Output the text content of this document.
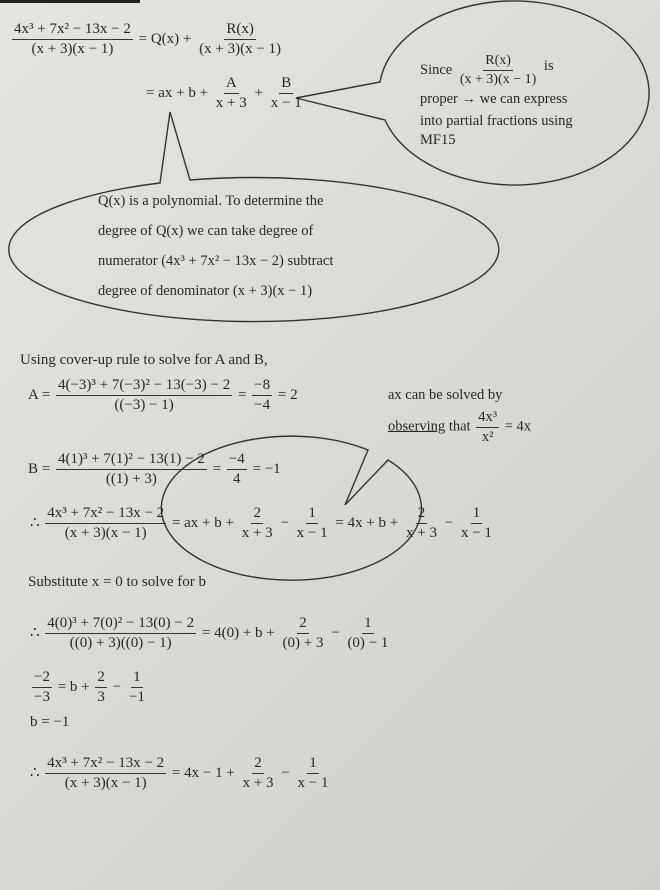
$\frac{\text{4x³ + 7x² − 13x − 2}}{(x + 3)(x - 1)} = Q(x) + \frac{R(x)}{(x + 3)(x - 1)}$
= ax + $b + \frac{A}{x + 3} + \frac{B}{x - 1}$
Since $\frac{R(x)}{(x + 3)(x - 1)}$ is
proper → we can express
into partial fractions using
MF15
Q(x) is a polynomial. To determine the
degree of Q(x) we can take degree of
numerator (4x³ + 7x² − 13x − 2) subtract
degree of denominator (x + 3)(x − 1)
Using cover-up rule to solve for A and B,
$A = \frac{\text{4(−3)³ + 7(−3)² − 13(−3) − 2}}{((-3) - 1)} = \frac{-8}{-4} = 2$
$B = \frac{\text{4(1)³ + 7(1)² − 13(1) − 2}}{((1) + 3)} = \frac{-4}{4} = -1$
ax can be solved by
observing that $\frac{\text{4x³}}{\text{x²}} = 4x$
∴ $\frac{\text{4x³ + 7x² − 13x − 2}}{(x + 3)(x - 1)}$ = ax + $b + \frac{2}{x + 3} - \frac{1}{x - 1} = 4x + b + \frac{2}{x + 3} - \frac{1}{x - 1}$
Substitute x = 0 to solve for b
∴ $\frac{\text{4(0)³ + 7(0)² − 13(0) − 2}}{((0) + 3)((0) - 1)} = 4(0) + b + \frac{2}{(0) + 3} - \frac{1}{(0) - 1}$
$\frac{-2}{-3} = b + \frac{2}{3} - \frac{1}{-1}$
b = −1
∴ $\frac{\text{4x³ + 7x² − 13x − 2}}{(x + 3)(x - 1)} = 4x - 1 + \frac{2}{x + 3} - \frac{1}{x - 1}$
